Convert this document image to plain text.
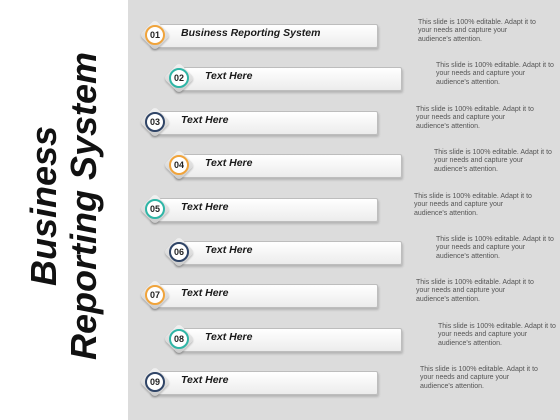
Business Reporting System
01	Business Reporting System
This slide is 100% editable. Adapt it to your needs and capture your audience's attention.
02	Text Here
This slide is 100% editable. Adapt it to your needs and capture your audience's attention.
03	Text Here
This slide is 100% editable. Adapt it to your needs and capture your audience's attention.
04	Text Here
This slide is 100% editable. Adapt it to your needs and capture your audience's attention.
05	Text Here
This slide is 100% editable. Adapt it to your needs and capture your audience's attention.
06	Text Here
This slide is 100% editable. Adapt it to your needs and capture your audience's attention.
07	Text Here
This slide is 100% editable. Adapt it to your needs and capture your audience's attention.
08	Text Here
This slide is 100% editable. Adapt it to your needs and capture your audience's attention.
09	Text Here
This slide is 100% editable. Adapt it to your needs and capture your audience's attention.
